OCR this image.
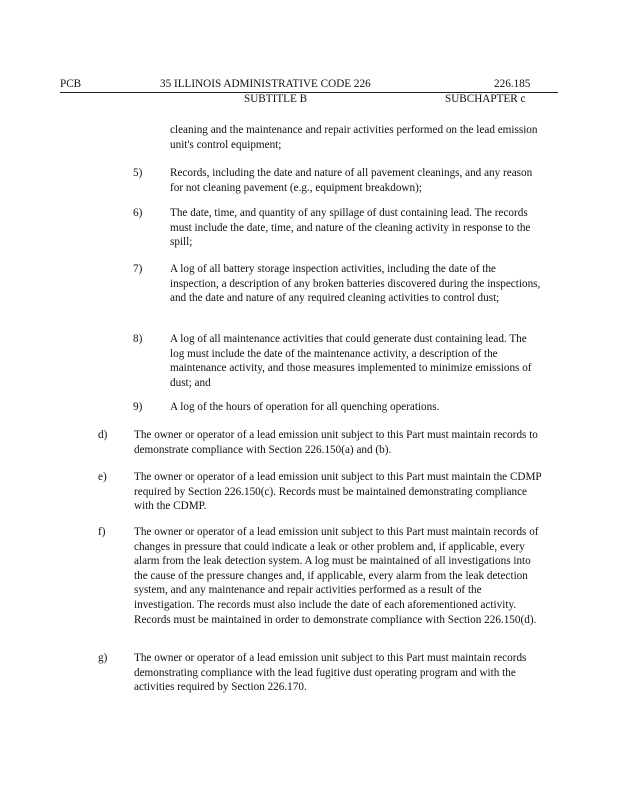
PCB	35 ILLINOIS ADMINISTRATIVE CODE 226	226.185
SUBTITLE B	SUBCHAPTER c

cleaning and the maintenance and repair activities performed on the lead emission unit's control equipment;

5) Records, including the date and nature of all pavement cleanings, and any reason for not cleaning pavement (e.g., equipment breakdown);

6) The date, time, and quantity of any spillage of dust containing lead. The records must include the date, time, and nature of the cleaning activity in response to the spill;

7) A log of all battery storage inspection activities, including the date of the inspection, a description of any broken batteries discovered during the inspections, and the date and nature of any required cleaning activities to control dust;

8) A log of all maintenance activities that could generate dust containing lead. The log must include the date of the maintenance activity, a description of the maintenance activity, and those measures implemented to minimize emissions of dust; and

9) A log of the hours of operation for all quenching operations.

d) The owner or operator of a lead emission unit subject to this Part must maintain records to demonstrate compliance with Section 226.150(a) and (b).

e) The owner or operator of a lead emission unit subject to this Part must maintain the CDMP required by Section 226.150(c). Records must be maintained demonstrating compliance with the CDMP.

f)	The owner or operator of a lead emission unit subject to this Part must maintain records of changes in pressure that could indicate a leak or other problem and, if applicable, every alarm from the leak detection system. A log must be maintained of all investigations into the cause of the pressure changes and, if applicable, every alarm from the leak detection system, and any maintenance and repair activities performed as a result of the investigation. The records must also include the date of each aforementioned activity. Records must be maintained in order to demonstrate compliance with Section 226.150(d).

g) The owner or operator of a lead emission unit subject to this Part must maintain records demonstrating compliance with the lead fugitive dust operating program and with the activities required by Section 226.170.
